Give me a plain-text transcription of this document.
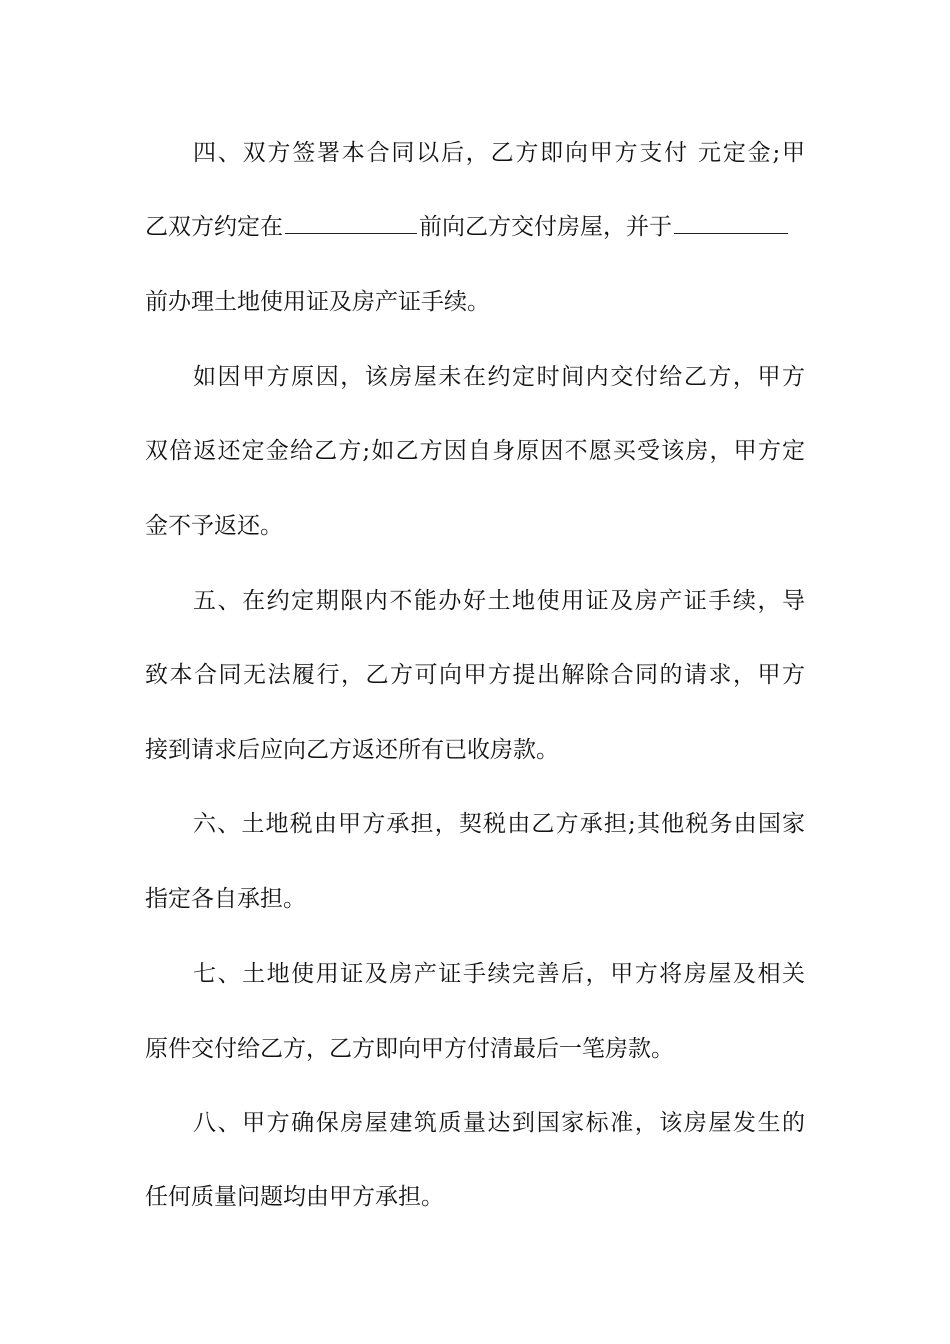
四、双方签署本合同以后，乙方即向甲方支付 元定金;甲
乙双方约定在	前向乙方交付房屋，并于
前办理土地使用证及房产证手续。
如因甲方原因，该房屋未在约定时间内交付给乙方，甲方
双倍返还定金给乙方;如乙方因自身原因不愿买受该房，甲方定
金不予返还。
五、在约定期限内不能办好土地使用证及房产证手续，导
致本合同无法履行，乙方可向甲方提出解除合同的请求，甲方
接到请求后应向乙方返还所有已收房款。
六、土地税由甲方承担，契税由乙方承担;其他税务由国家
指定各自承担。
七、土地使用证及房产证手续完善后，甲方将房屋及相关
原件交付给乙方，乙方即向甲方付清最后一笔房款。
八、甲方确保房屋建筑质量达到国家标准，该房屋发生的
任何质量问题均由甲方承担。
